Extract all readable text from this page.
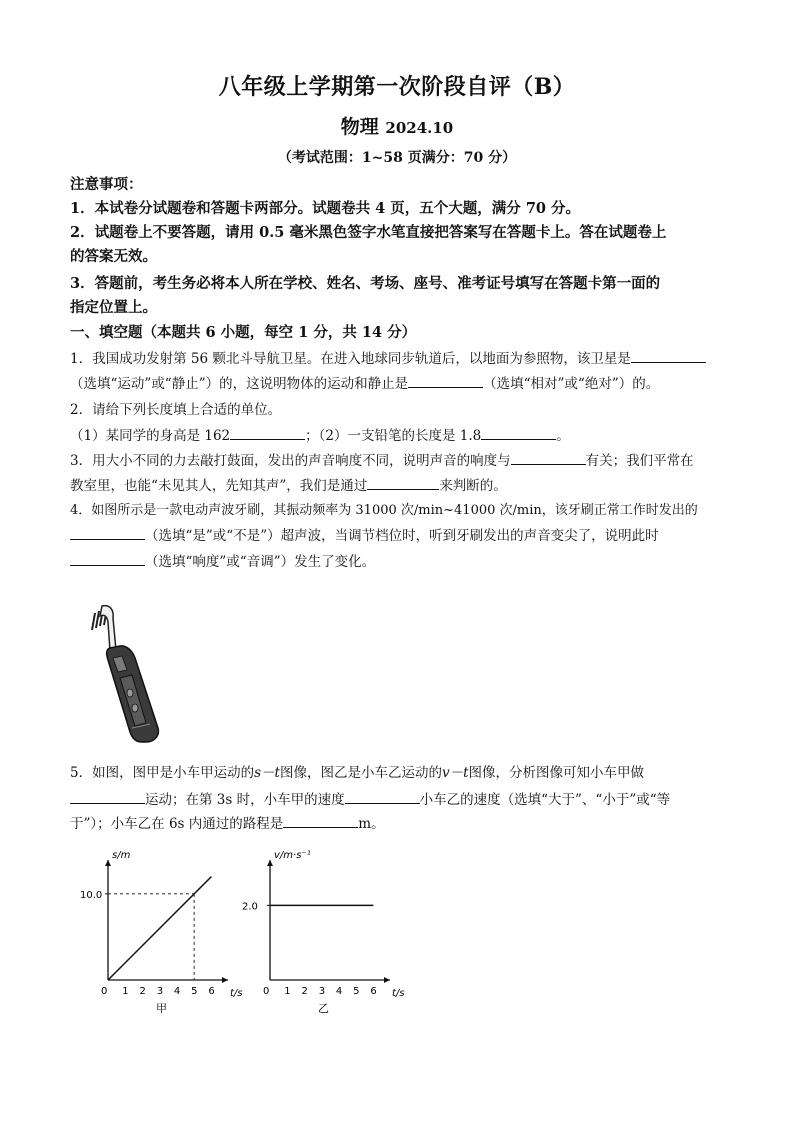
八年级上学期第一次阶段自评（B）
物理 2024.10
（考试范围：1~58 页满分：70 分）
注意事项：
1．本试卷分试题卷和答题卡两部分。试题卷共 4 页，五个大题，满分 70 分。
2．试题卷上不要答题，请用 0.5 毫米黑色签字水笔直接把答案写在答题卡上。答在试题卷上
的答案无效。
3．答题前，考生务必将本人所在学校、姓名、考场、座号、准考证号填写在答题卡第一面的
指定位置上。
一、填空题（本题共 6 小题，每空 1 分，共 14 分）
1．我国成功发射第 56 颗北斗导航卫星。在进入地球同步轨道后，以地面为参照物，该卫星是
（选填“运动”或“静止”）的，这说明物体的运动和静止是	（选填“相对”或“绝对”）的。
2．请给下列长度填上合适的单位。
（1）某同学的身高是 162	；（2）一支铅笔的长度是 1.8	。
3．用大小不同的力去敲打鼓面，发出的声音响度不同，说明声音的响度与	有关；我们平常在
教室里，也能“未见其人，先知其声”，我们是通过	来判断的。
4．如图所示是一款电动声波牙刷，其振动频率为 31000 次/min~41000 次/min，该牙刷正常工作时发出的
（选填“是”或“不是”）超声波，当调节档位时，听到牙刷发出的声音变尖了，说明此时
（选填“响度”或“音调”）发生了变化。
5．如图，图甲是小车甲运动的s－t图像，图乙是小车乙运动的v－t图像，分析图像可知小车甲做
运动；在第 3s 时，小车甲的速度	小车乙的速度（选填“大于”、“小于”或“等
于”）；小车乙在 6s 内通过的路程是	m。
t/s
s/m
0 1 2 3 4 5 6
10.0
甲
t/s
v/m·s⁻¹
0 1 2 3 4 5 6
2.0
乙
